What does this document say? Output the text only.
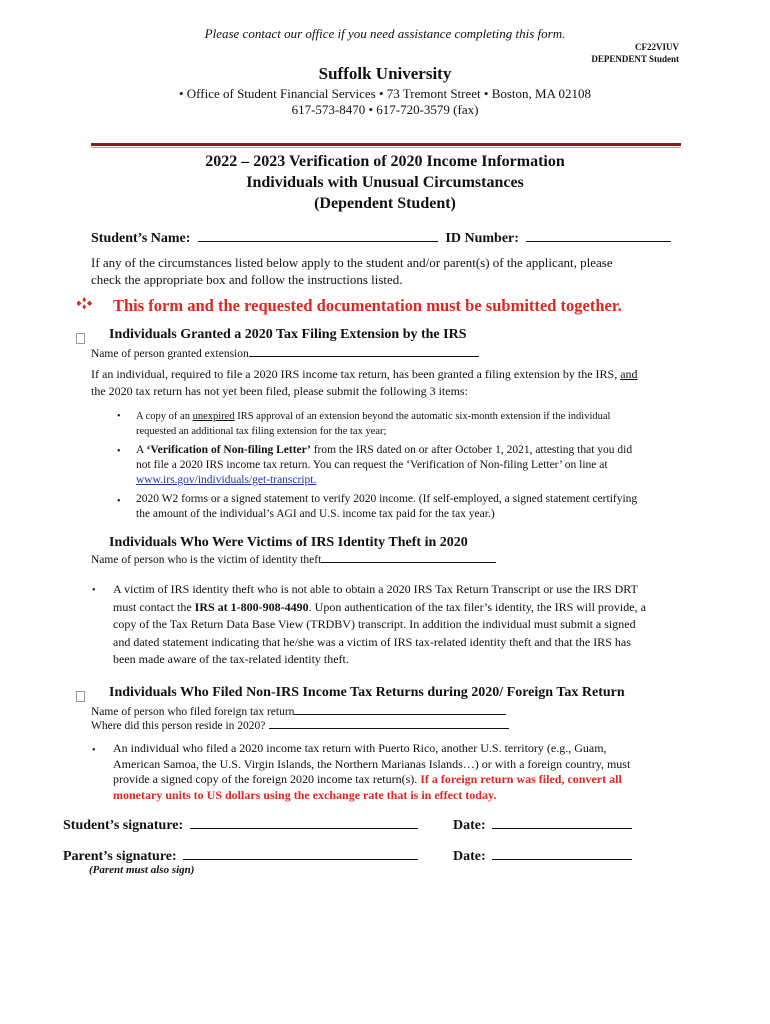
Please contact our office if you need assistance completing this form.
CF22VIUV
DEPENDENT Student
Suffolk University
• Office of Student Financial Services • 73 Tremont Street • Boston, MA 02108
617-573-8470 • 617-720-3579 (fax)
2022 – 2023 Verification of 2020 Income Information
Individuals with Unusual Circumstances
(Dependent Student)
Student’s Name:	ID Number:
If any of the circumstances listed below apply to the student and/or parent(s) of the applicant, please
check the appropriate box and follow the instructions listed.
This form and the requested documentation must be submitted together.
Individuals Granted a 2020 Tax Filing Extension by the IRS
Name of person granted extension
If an individual, required to file a 2020 IRS income tax return, has been granted a filing extension by the IRS, and
the 2020 tax return has not yet been filed, please submit the following 3 items:
• A copy of an unexpired IRS approval of an extension beyond the automatic six-month extension if the individual
requested an additional tax filing extension for the tax year;
• A ‘Verification of Non-filing Letter’ from the IRS dated on or after October 1, 2021, attesting that you did
not file a 2020 IRS income tax return. You can request the ‘Verification of Non-filing Letter’ on line at
www.irs.gov/individuals/get-transcript.
• 2020 W2 forms or a signed statement to verify 2020 income. (If self-employed, a signed statement certifying
the amount of the individual’s AGI and U.S. income tax paid for the tax year.)
Individuals Who Were Victims of IRS Identity Theft in 2020
Name of person who is the victim of identity theft
• A victim of IRS identity theft who is not able to obtain a 2020 IRS Tax Return Transcript or use the IRS DRT
must contact the IRS at 1-800-908-4490. Upon authentication of the tax filer’s identity, the IRS will provide, a
copy of the Tax Return Data Base View (TRDBV) transcript. In addition the individual must submit a signed
and dated statement indicating that he/she was a victim of IRS tax-related identity theft and that the IRS has
been made aware of the tax-related identity theft.
Individuals Who Filed Non-IRS Income Tax Returns during 2020/ Foreign Tax Return
Name of person who filed foreign tax return
Where did this person reside in 2020?
• An individual who filed a 2020 income tax return with Puerto Rico, another U.S. territory (e.g., Guam,
American Samoa, the U.S. Virgin Islands, the Northern Marianas Islands…) or with a foreign country, must
provide a signed copy of the foreign 2020 income tax return(s). If a foreign return was filed, convert all
monetary units to US dollars using the exchange rate that is in effect today.
Student’s signature:	Date:
Parent’s signature:	Date:
(Parent must also sign)
